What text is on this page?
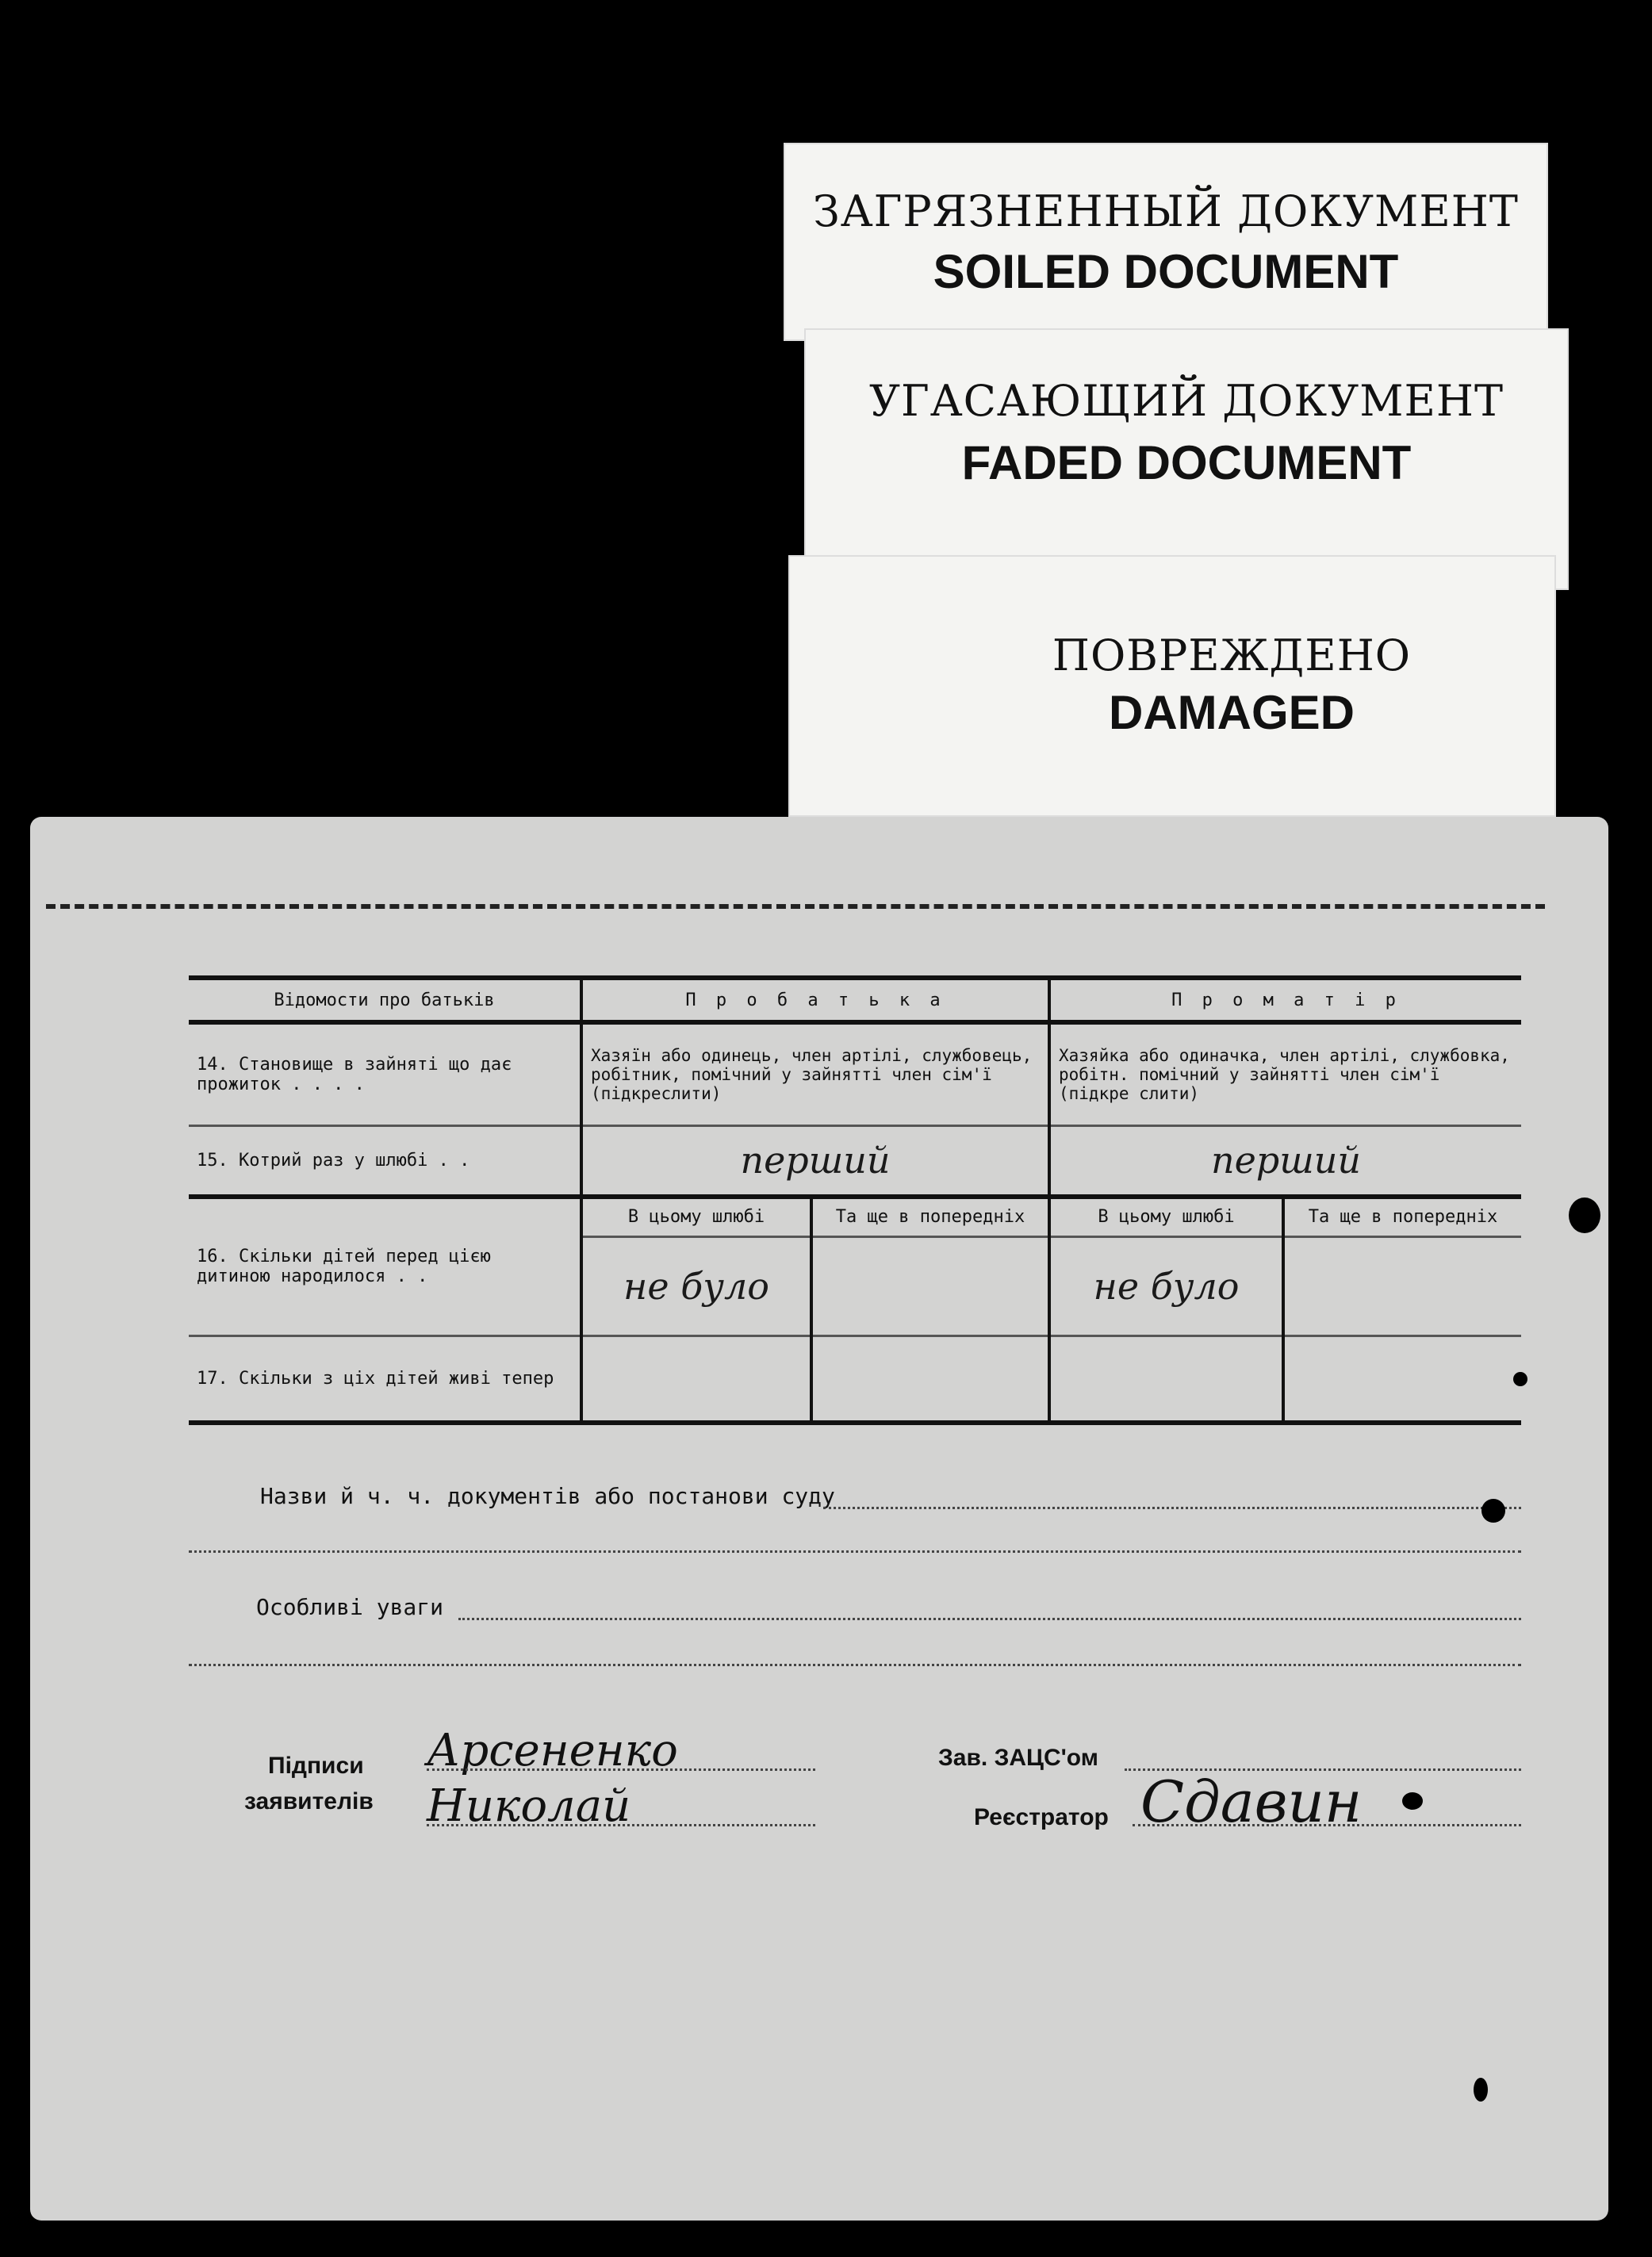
ЗАГРЯЗНЕННЫЙ ДОКУМЕНТ
SOILED DOCUMENT
УГАСАЮЩИЙ ДОКУМЕНТ
FADED DOCUMENT
ПОВРЕЖДЕНО
DAMAGED
Відомости про батьків	П р о б а т ь к а		П р о м а т і р	
14. Становище в зайняті що дає прожиток . . . .	Хазяїн або одинець, член артілі, службовець, робітник, помічний у зайнятті член сім'ї (підкреслити)		Хазяйка або одиначка, член артілі, службовка, робітн. помічний у зайнятті член сім'ї (підкре слити)	
15. Котрий раз у шлюбі . .	перший		перший	
16. Скільки дітей перед цією дитиною народилося . .	В цьому шлюбі	Та ще в попередніх	В цьому шлюбі	Та ще в попередніх
	не було		не було	
17. Скільки з ціх дітей живі тепер				
Назви й ч. ч. документів або постанови суду
Особливі уваги
Підписи
заявителів
Арсененко
Николай
Зав. ЗАЦС'ом
Реєстратор Сдавин
